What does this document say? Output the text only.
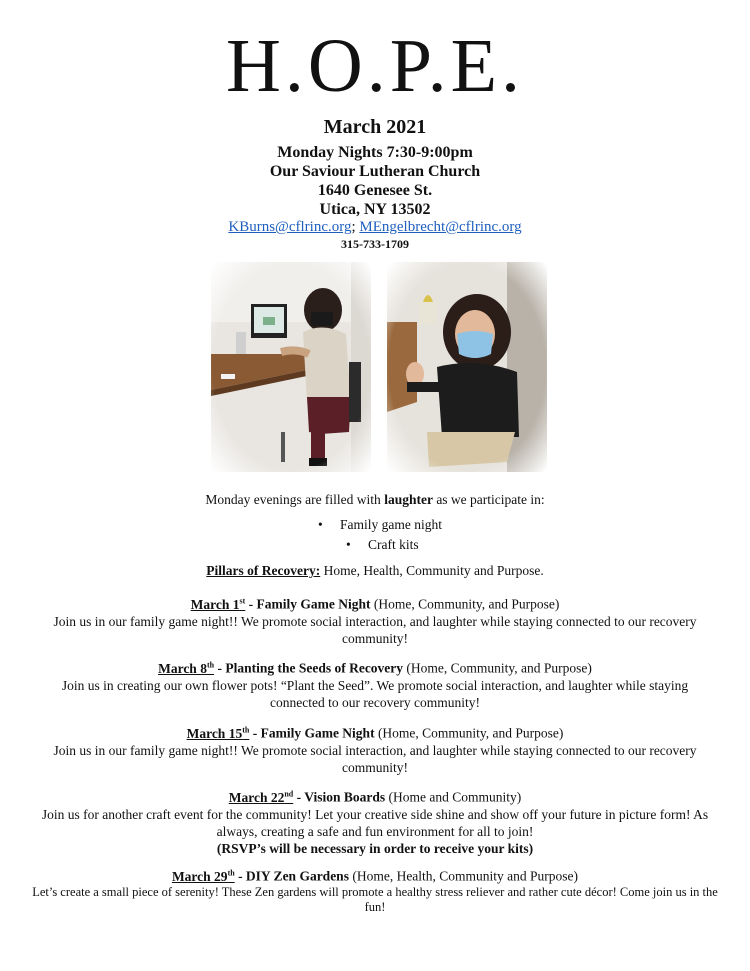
H.O.P.E.
March 2021
Monday Nights 7:30-9:00pm
Our Saviour Lutheran Church
1640 Genesee St.
Utica, NY 13502
KBurns@cflrinc.org; MEngelbrecht@cflrinc.org
315-733-1709
Monday evenings are filled with laughter as we participate in:
• Family game night
• Craft kits
Pillars of Recovery: Home, Health, Community and Purpose.
March 1st - Family Game Night (Home, Community, and Purpose)
Join us in our family game night!! We promote social interaction, and laughter while staying connected to our recovery community!
March 8th - Planting the Seeds of Recovery (Home, Community, and Purpose)
Join us in creating our own flower pots! “Plant the Seed”. We promote social interaction, and laughter while staying connected to our recovery community!
March 15th - Family Game Night (Home, Community, and Purpose)
Join us in our family game night!! We promote social interaction, and laughter while staying connected to our recovery community!
March 22nd - Vision Boards (Home and Community)
Join us for another craft event for the community! Let your creative side shine and show off your future in picture form! As always, creating a safe and fun environment for all to join!
(RSVP’s will be necessary in order to receive your kits)
March 29th - DIY Zen Gardens (Home, Health, Community and Purpose)
Let’s create a small piece of serenity! These Zen gardens will promote a healthy stress reliever and rather cute décor! Come join us in the fun!
